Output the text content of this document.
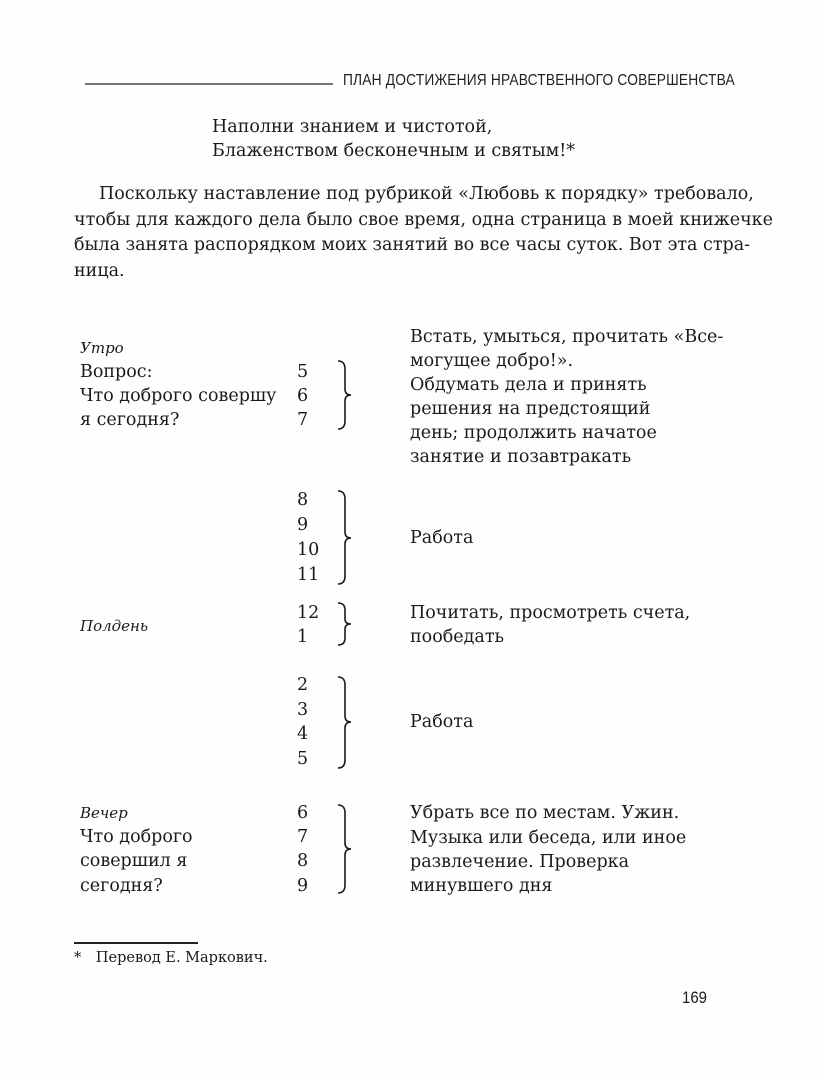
ПЛАН ДОСТИЖЕНИЯ НРАВСТВЕННОГО СОВЕРШЕНСТВА
Наполни знанием и чистотой,
Блаженством бесконечным и святым!*
Поскольку наставление под рубрикой «Любовь к порядку» требовало,
чтобы для каждого дела было свое время, одна страница в моей книжечке
была занята распорядком моих занятий во все часы суток. Вот эта стра-
ница.
Утро
Вопрос:
Что доброго совершу
я сегодня?
5
6
7
Встать, умыться, прочитать «Все-
могущее добро!».
Обдумать дела и принять
решения на предстоящий
день; продолжить начатое
занятие и позавтракать
8
9
10
11
Работа
Полдень
12
1
Почитать, просмотреть счета,
пообедать
2
3
4
5
Работа
Вечер
Что доброго
совершил я
сегодня?
6
7
8
9
Убрать все по местам. Ужин.
Музыка или беседа, или иное
развлечение. Проверка
минувшего дня
* Перевод Е. Маркович.
169
